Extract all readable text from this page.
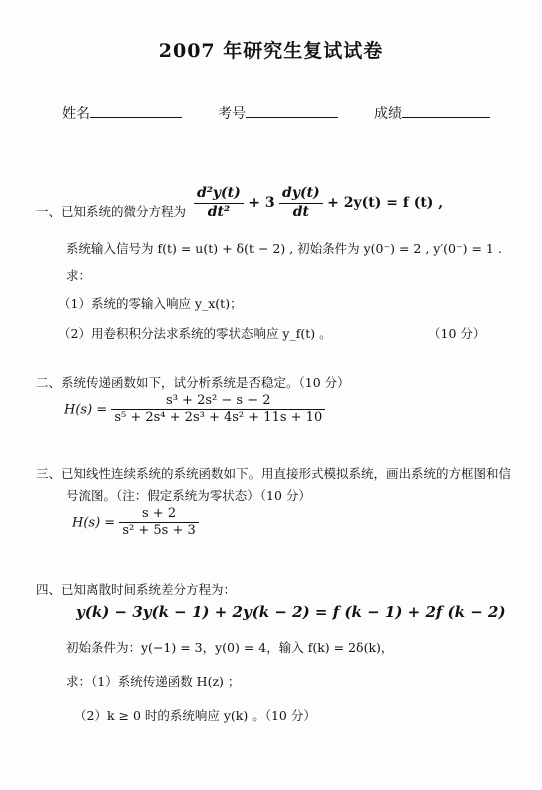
2007 年研究生复试试卷
姓名	考号	成绩
一、已知系统的微分方程为 $\frac{\text{d²y(t)}}{\text{dt²}} + 3 \frac{dy(t)}{dt} + 2y(t) = f$ (t) ,
系统输入信号为 f(t) = u(t) + δ(t − 2) , 初始条件为 y(0⁻) = 2 , y′(0⁻) = 1 .
求：
（1）系统的零输入响应 y_x(t)；
（2）用卷积积分法求系统的零状态响应 y_f(t) 。	（10 分）
二、系统传递函数如下，试分析系统是否稳定。（10 分）
$H(s) = \frac{\text{s³ + 2s² − s − 2}}{\text{s⁵ + 2s⁴ + 2s³ + 4s² + 11s + 10}}$
三、已知线性连续系统的系统函数如下。用直接形式模拟系统，画出系统的方框图和信
号流图。（注：假定系统为零状态）（10 分）
$H(s) = \frac{s + 2}{\text{s² + 5s + 3}}$
四、已知离散时间系统差分方程为：
y(k) − 3y(k − 1) + 2y(k − 2) = f (k − 1) + 2f (k − 2)
初始条件为：y(−1) = 3，y(0) = 4，输入 f(k) = 2δ(k)，
求：（1）系统传递函数 H(z) ；
（2）k ≥ 0 时的系统响应 y(k) 。（10 分）
